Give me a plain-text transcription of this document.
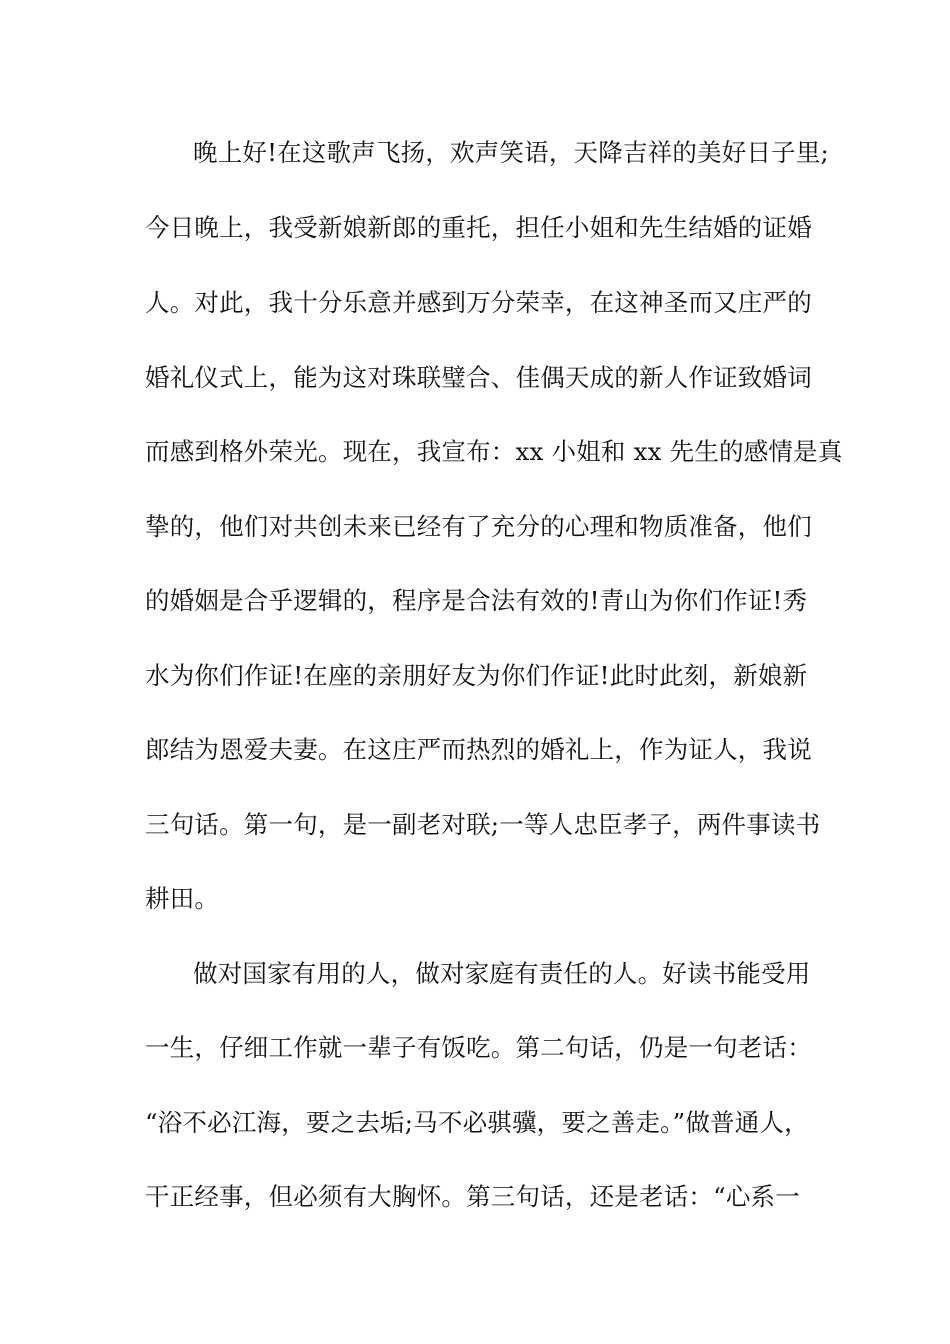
晚上好!在这歌声飞扬，欢声笑语，天降吉祥的美好日子里;
今日晚上，我受新娘新郎的重托，担任小姐和先生结婚的证婚
人。对此，我十分乐意并感到万分荣幸，在这神圣而又庄严的
婚礼仪式上，能为这对珠联璧合、佳偶天成的新人作证致婚词
而感到格外荣光。现在，我宣布：xx 小姐和 xx 先生的感情是真
挚的，他们对共创未来已经有了充分的心理和物质准备，他们
的婚姻是合乎逻辑的，程序是合法有效的!青山为你们作证!秀
水为你们作证!在座的亲朋好友为你们作证!此时此刻，新娘新
郎结为恩爱夫妻。在这庄严而热烈的婚礼上，作为证人，我说
三句话。第一句，是一副老对联;一等人忠臣孝子，两件事读书
耕田。
做对国家有用的人，做对家庭有责任的人。好读书能受用
一生，仔细工作就一辈子有饭吃。第二句话，仍是一句老话：
“浴不必江海，要之去垢;马不必骐骥，要之善走。”做普通人，
干正经事，但必须有大胸怀。第三句话，还是老话：“心系一
